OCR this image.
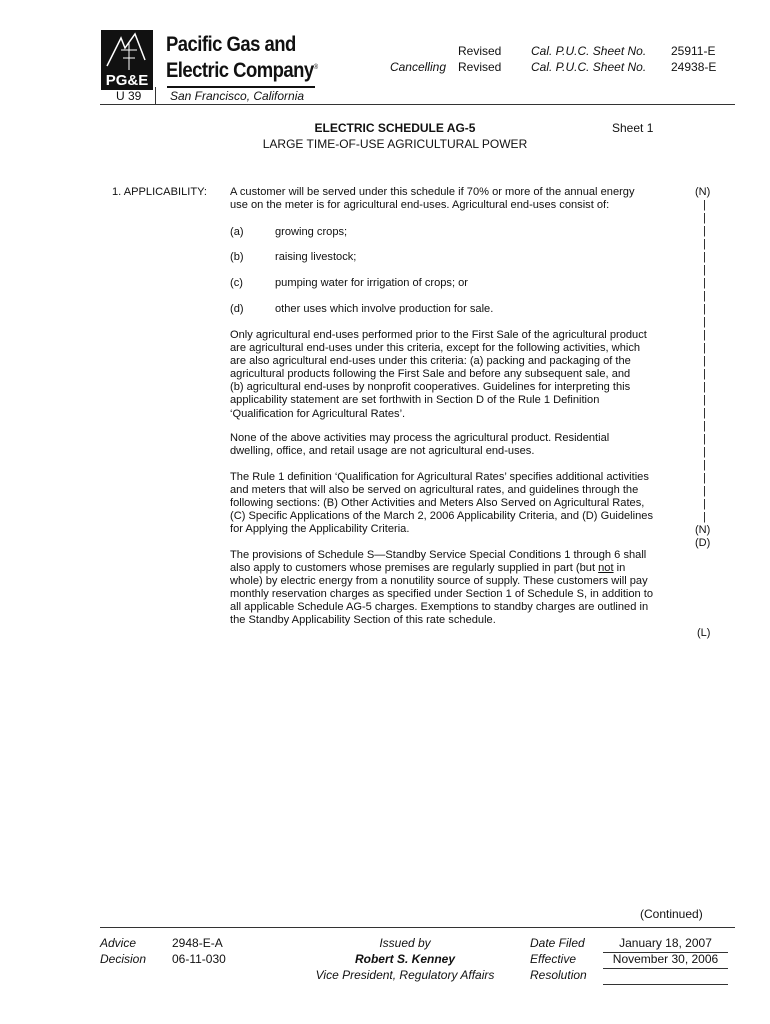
PG&E
Pacific Gas and
Electric Company®
Revised Cal. P.U.C. Sheet No. 25911-E
Cancelling Revised Cal. P.U.C. Sheet No. 24938-E
U 39 San Francisco, California
ELECTRIC SCHEDULE AG-5
LARGE TIME-OF-USE AGRICULTURAL POWER
Sheet 1
1. APPLICABILITY: A customer will be served under this schedule if 70% or more of the annual energy
use on the meter is for agricultural end-uses. Agricultural end-uses consist of:
(a)	growing crops;
(b)	raising livestock;
(c)	pumping water for irrigation of crops; or
(d)	other uses which involve production for sale.
Only agricultural end-uses performed prior to the First Sale of the agricultural product
are agricultural end-uses under this criteria, except for the following activities, which
are also agricultural end-uses under this criteria: (a) packing and packaging of the
agricultural products following the First Sale and before any subsequent sale, and
(b) agricultural end-uses by nonprofit cooperatives. Guidelines for interpreting this
applicability statement are set forthwith in Section D of the Rule 1 Definition
‘Qualification for Agricultural Rates’.
None of the above activities may process the agricultural product. Residential
dwelling, office, and retail usage are not agricultural end-uses.
The Rule 1 definition ‘Qualification for Agricultural Rates’ specifies additional activities
and meters that will also be served on agricultural rates, and guidelines through the
following sections: (B) Other Activities and Meters Also Served on Agricultural Rates,
(C) Specific Applications of the March 2, 2006 Applicability Criteria, and (D) Guidelines
for Applying the Applicability Criteria.
The provisions of Schedule S—Standby Service Special Conditions 1 through 6 shall
also apply to customers whose premises are regularly supplied in part (but not in
whole) by electric energy from a nonutility source of supply. These customers will pay
monthly reservation charges as specified under Section 1 of Schedule S, in addition to
all applicable Schedule AG-5 charges. Exemptions to standby charges are outlined in
the Standby Applicability Section of this rate schedule.
(N)
|
|
|
|
|
|
|
|
|
|
|
|
|
|
|
|
|
|
|
|
|
|
|
|
|
(N)
(D)
(L)
(Continued)
Advice	2948-E-A
Decision 06-11-030
Issued by
Robert S. Kenney
Vice President, Regulatory Affairs
Date Filed	January 18, 2007
Effective	November 30, 2006
Resolution
